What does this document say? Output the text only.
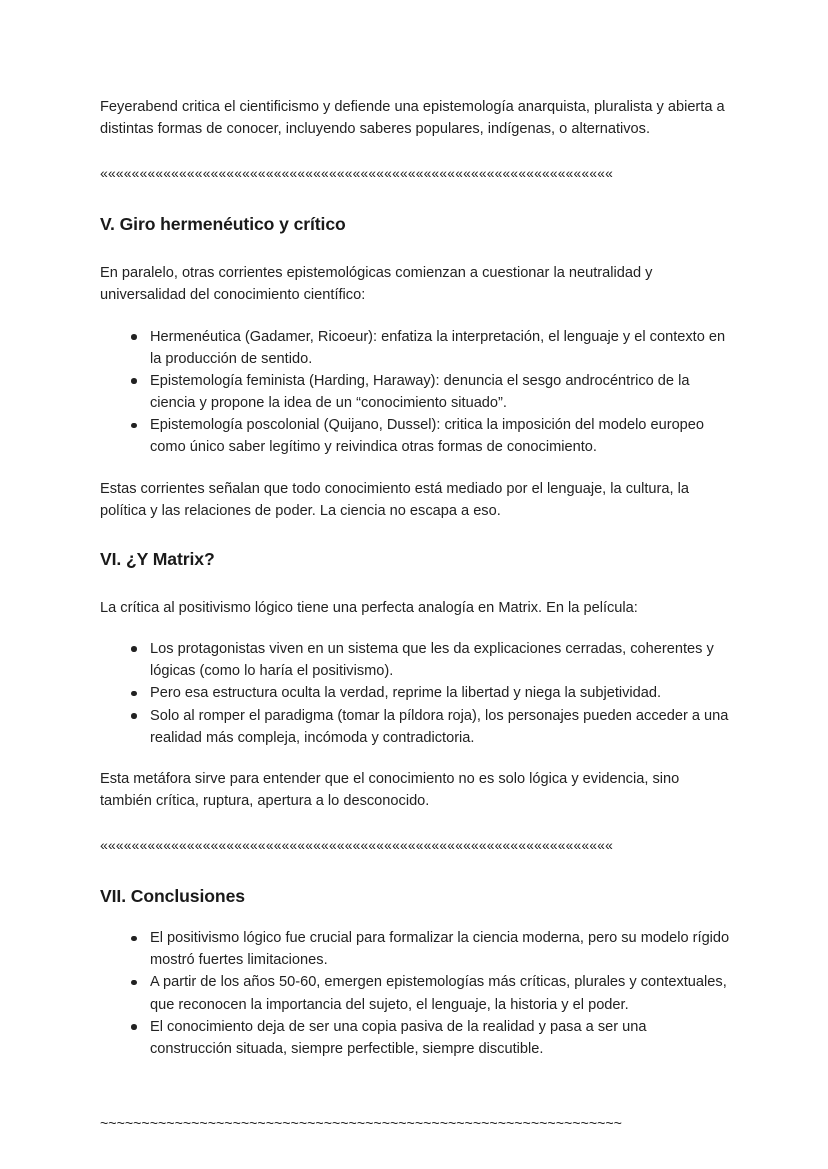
Feyerabend critica el cientificismo y defiende una epistemología anarquista, pluralista y abierta a distintas formas de conocer, incluyendo saberes populares, indígenas, o alternativos.

«««««««««««««««««««««««««««««««««««««««««««««««««««««««««««««««««
V. Giro hermenéutico y crítico

En paralelo, otras corrientes epistemológicas comienzan a cuestionar la neutralidad y universalidad del conocimiento científico:

Hermenéutica (Gadamer, Ricoeur): enfatiza la interpretación, el lenguaje y el contexto en la producción de sentido.
Epistemología feminista (Harding, Haraway): denuncia el sesgo androcéntrico de la ciencia y propone la idea de un “conocimiento situado”.
Epistemología poscolonial (Quijano, Dussel): critica la imposición del modelo europeo como único saber legítimo y reivindica otras formas de conocimiento.

Estas corrientes señalan que todo conocimiento está mediado por el lenguaje, la cultura, la política y las relaciones de poder. La ciencia no escapa a eso.

VI. ¿Y Matrix?

La crítica al positivismo lógico tiene una perfecta analogía en Matrix. En la película:

Los protagonistas viven en un sistema que les da explicaciones cerradas, coherentes y lógicas (como lo haría el positivismo).
Pero esa estructura oculta la verdad, reprime la libertad y niega la subjetividad.
Solo al romper el paradigma (tomar la píldora roja), los personajes pueden acceder a una realidad más compleja, incómoda y contradictoria.

Esta metáfora sirve para entender que el conocimiento no es solo lógica y evidencia, sino también crítica, ruptura, apertura a lo desconocido.

«««««««««««««««««««««««««««««««««««««««««««««««««««««««««««««««««
VII. Conclusiones
El positivismo lógico fue crucial para formalizar la ciencia moderna, pero su modelo rígido mostró fuertes limitaciones.
A partir de los años 50-60, emergen epistemologías más críticas, plurales y contextuales, que reconocen la importancia del sujeto, el lenguaje, la historia y el poder.
El conocimiento deja de ser una copia pasiva de la realidad y pasa a ser una construcción situada, siempre perfectible, siempre discutible.
~~~~~~~~~~~~~~~~~~~~~~~~~~~~~~~~~~~~~~~~~~~~~~~~~~~~~~~~~~~~~~~
